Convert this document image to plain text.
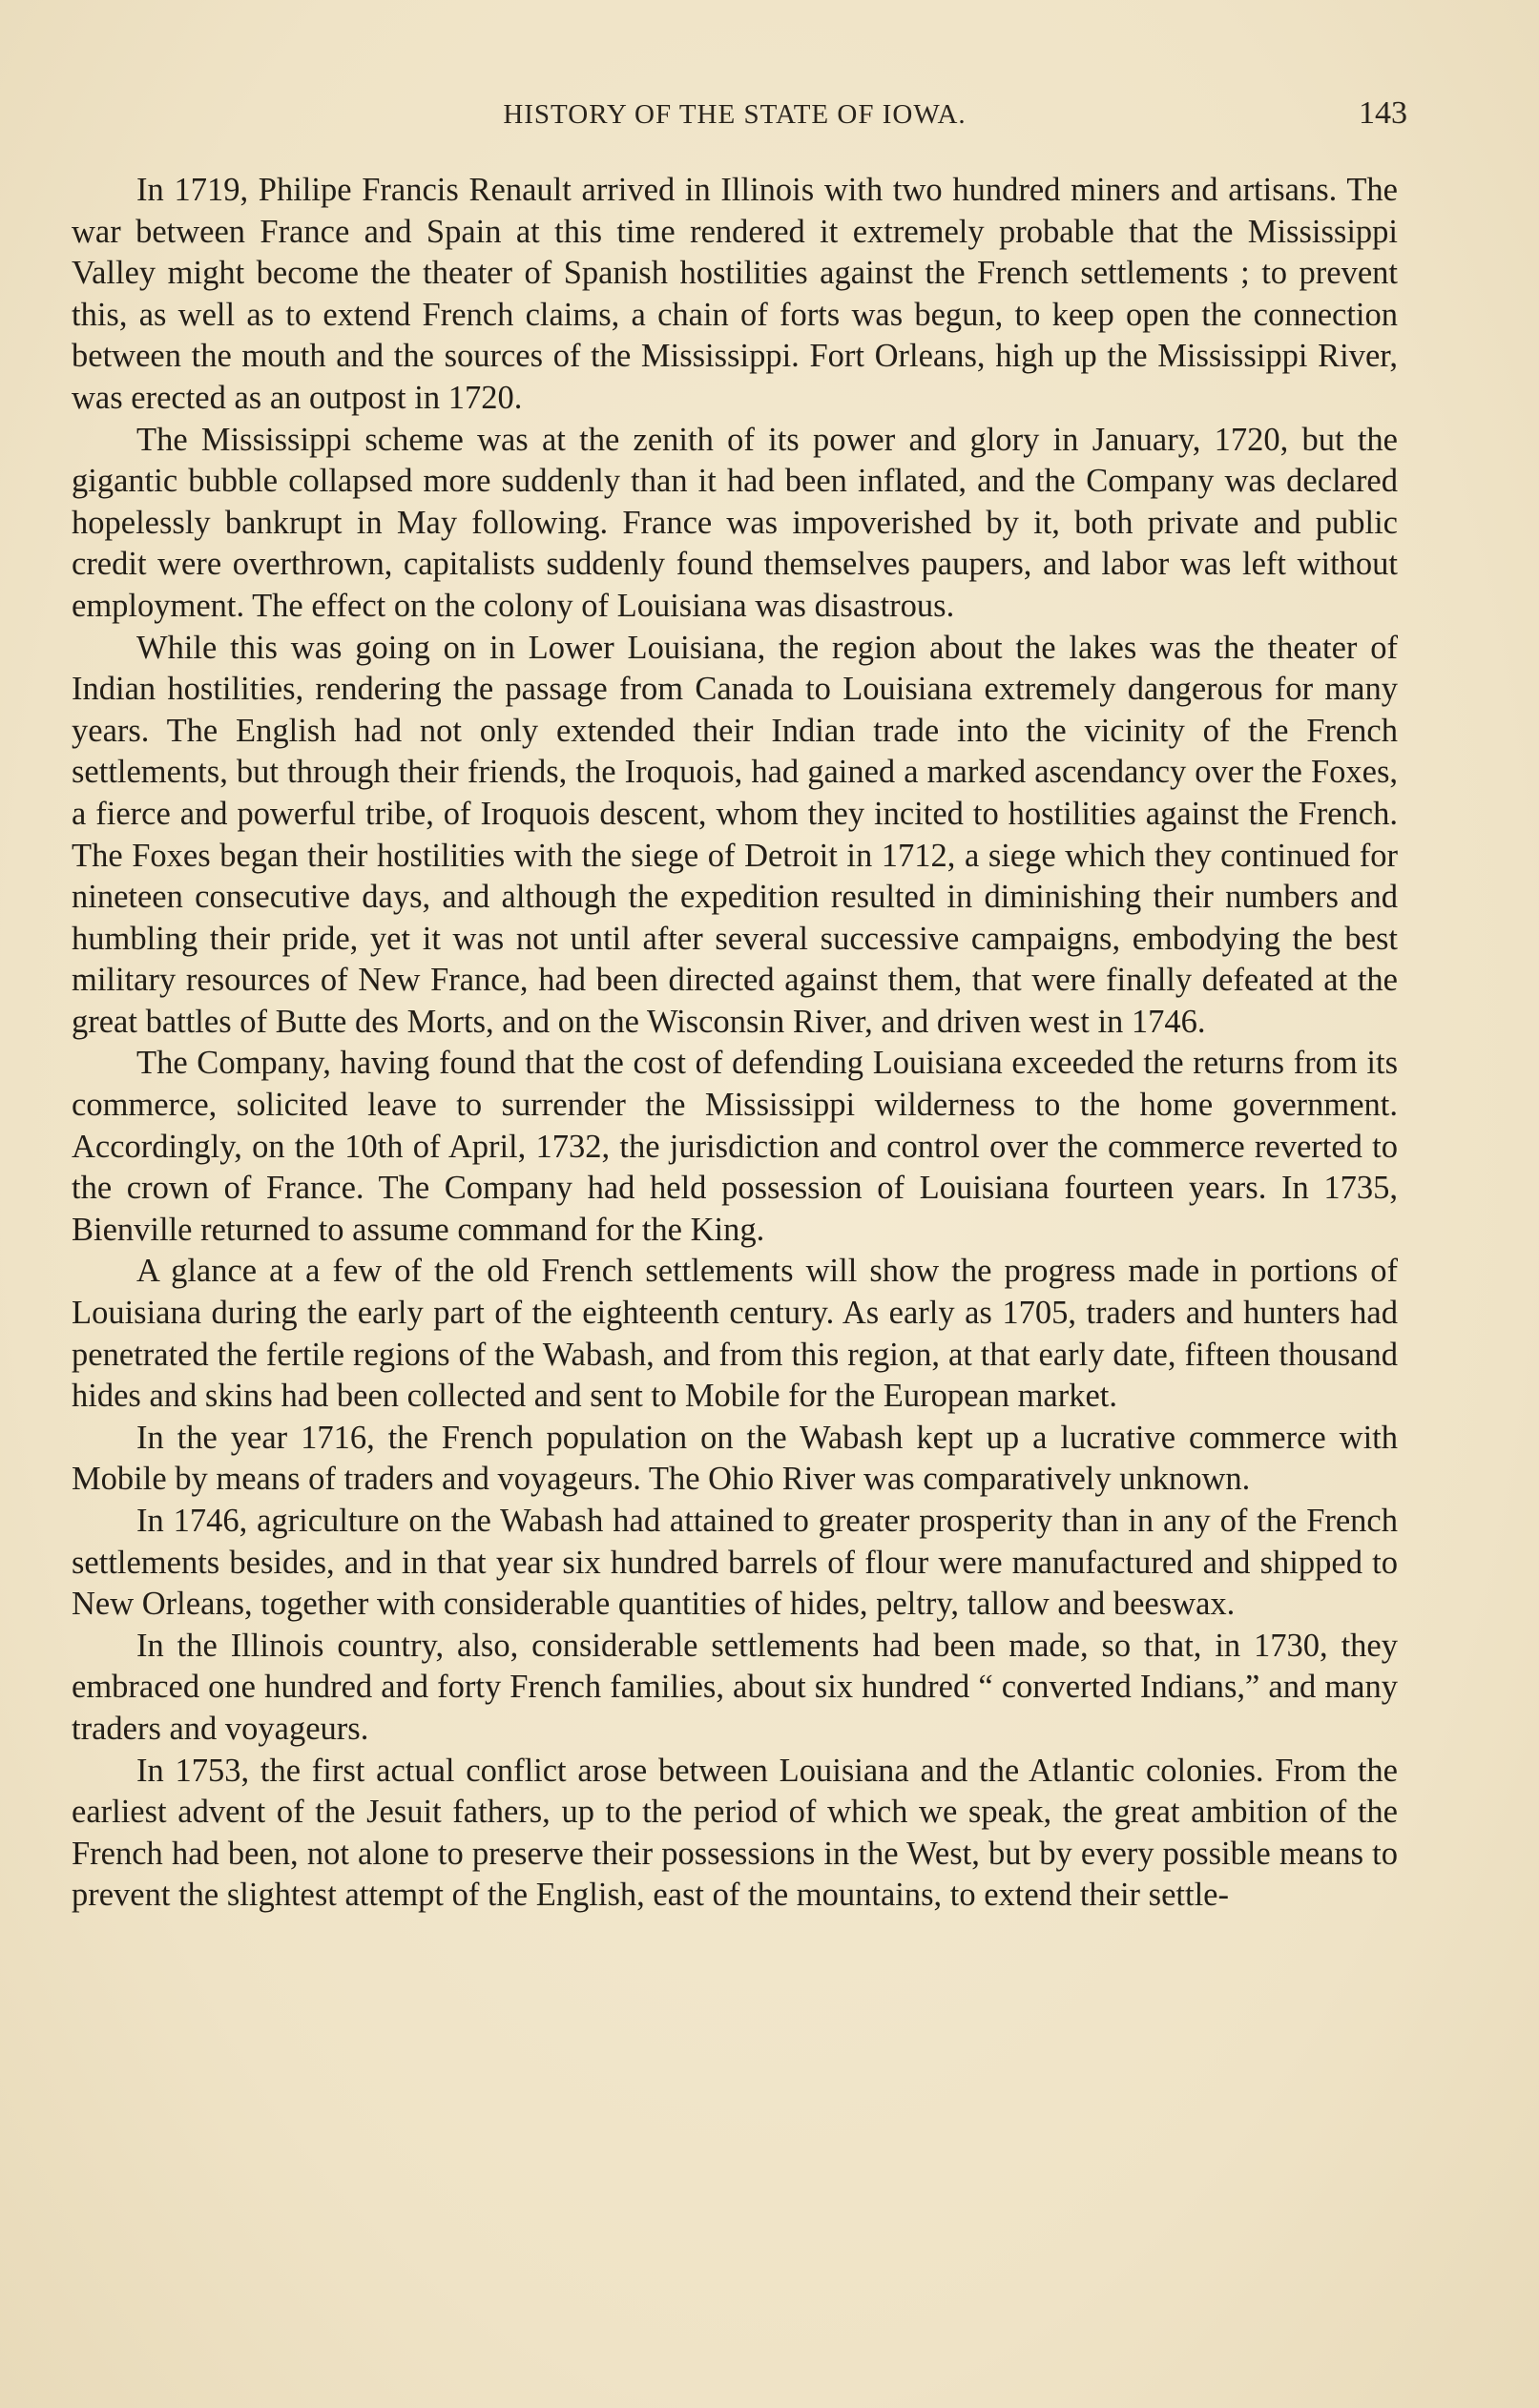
HISTORY OF THE STATE OF IOWA.	143

In 1719, Philipe Francis Renault arrived in Illinois with two hundred miners and artisans. The war between France and Spain at this time rendered it extremely probable that the Mississippi Valley might become the theater of Spanish hostilities against the French settlements ; to prevent this, as well as to extend French claims, a chain of forts was begun, to keep open the connection between the mouth and the sources of the Mississippi. Fort Orleans, high up the Mississippi River, was erected as an outpost in 1720.

The Mississippi scheme was at the zenith of its power and glory in January, 1720, but the gigantic bubble collapsed more suddenly than it had been inflated, and the Company was declared hopelessly bankrupt in May following. France was impoverished by it, both private and public credit were overthrown, capitalists suddenly found themselves paupers, and labor was left without employment. The effect on the colony of Louisiana was disastrous.

While this was going on in Lower Louisiana, the region about the lakes was the theater of Indian hostilities, rendering the passage from Canada to Louisiana extremely dangerous for many years. The English had not only extended their Indian trade into the vicinity of the French settlements, but through their friends, the Iroquois, had gained a marked ascendancy over the Foxes, a fierce and powerful tribe, of Iroquois descent, whom they incited to hostilities against the French. The Foxes began their hostilities with the siege of Detroit in 1712, a siege which they continued for nineteen consecutive days, and although the expedition resulted in diminishing their numbers and humbling their pride, yet it was not until after several successive campaigns, embodying the best military resources of New France, had been directed against them, that were finally defeated at the great battles of Butte des Morts, and on the Wisconsin River, and driven west in 1746.

The Company, having found that the cost of defending Louisiana exceeded the returns from its commerce, solicited leave to surrender the Mississippi wilderness to the home government. Accordingly, on the 10th of April, 1732, the jurisdiction and control over the commerce reverted to the crown of France. The Company had held possession of Louisiana fourteen years. In 1735, Bienville returned to assume command for the King.

A glance at a few of the old French settlements will show the progress made in portions of Louisiana during the early part of the eighteenth century. As early as 1705, traders and hunters had penetrated the fertile regions of the Wabash, and from this region, at that early date, fifteen thousand hides and skins had been collected and sent to Mobile for the European market.

In the year 1716, the French population on the Wabash kept up a lucrative commerce with Mobile by means of traders and voyageurs. The Ohio River was comparatively unknown.

In 1746, agriculture on the Wabash had attained to greater prosperity than in any of the French settlements besides, and in that year six hundred barrels of flour were manufactured and shipped to New Orleans, together with considerable quantities of hides, peltry, tallow and beeswax.

In the Illinois country, also, considerable settlements had been made, so that, in 1730, they embraced one hundred and forty French families, about six hundred “ converted Indians,” and many traders and voyageurs.

In 1753, the first actual conflict arose between Louisiana and the Atlantic colonies. From the earliest advent of the Jesuit fathers, up to the period of which we speak, the great ambition of the French had been, not alone to preserve their possessions in the West, but by every possible means to prevent the slightest attempt of the English, east of the mountains, to extend their settle-
